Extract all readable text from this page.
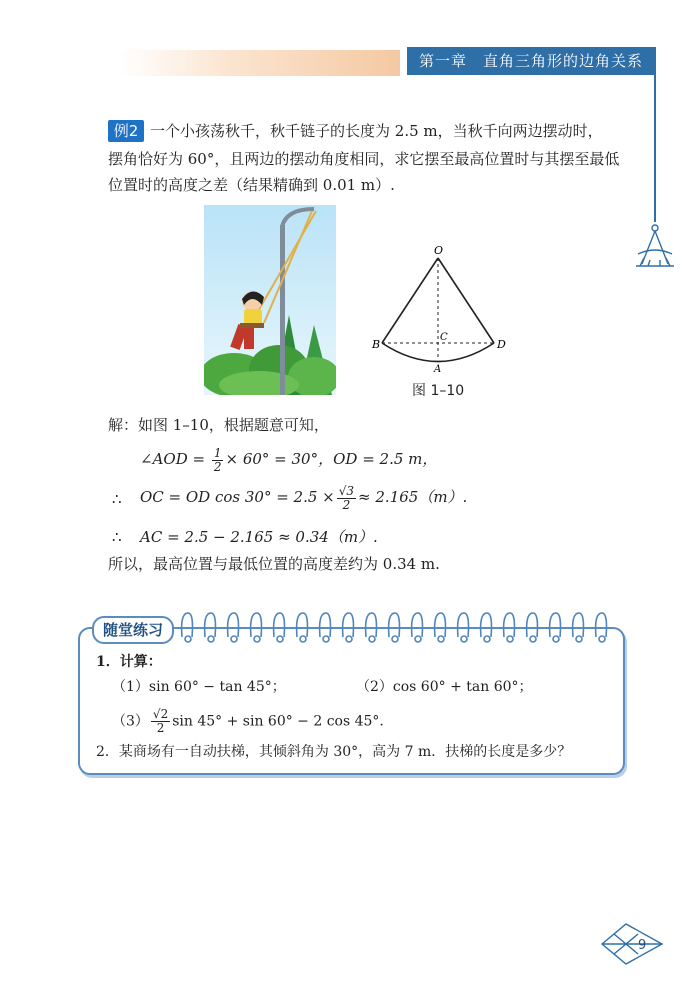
第一章　直角三角形的边角关系
例2 一个小孩荡秋千，秋千链子的长度为 2.5 m，当秋千向两边摆动时，
摆角恰好为 60°，且两边的摆动角度相同，求它摆至最高位置时与其摆至最低
位置时的高度之差（结果精确到 0.01 m）.
O
B
C
D
A
图 1–10
解：如图 1–10，根据题意可知，
∠AOD = $\frac{1}{2} \times 60^\circ = 30^\circ$，OD = 2.5 m，
∴ OC = OD $\cos 30^\circ = 2.5 \times \frac{√3}{2} \approx 2.165(m)$.
∴ AC = 2.5 − 2.165 ≈ 0.34（m）.
所以，最高位置与最低位置的高度差约为 0.34 m.
随堂练习
1．计算：
（1）sin 60° − tan 45°；	（2）cos 60° + tan 60°；
$(3) \frac{√2}{2}$ sin 45° + sin 60° − 2 cos 45°.
2．某商场有一自动扶梯，其倾斜角为 30°，高为 7 m．扶梯的长度是多少？
9
